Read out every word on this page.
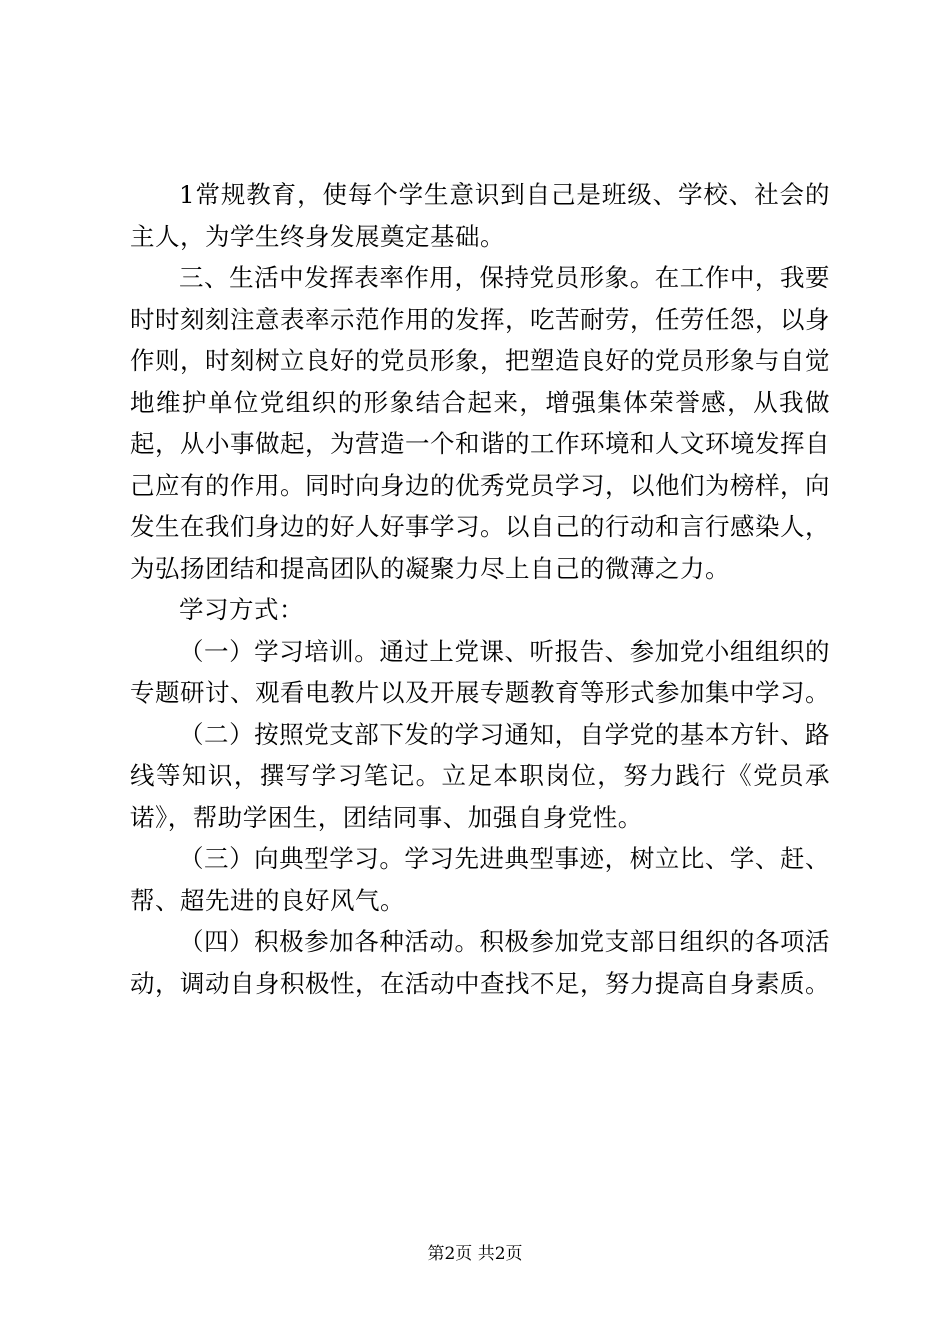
1常规教育，使每个学生意识到自己是班级、学校、社会的主人，为学生终身发展奠定基础。

三、生活中发挥表率作用，保持党员形象。在工作中，我要时时刻刻注意表率示范作用的发挥，吃苦耐劳，任劳任怨，以身作则，时刻树立良好的党员形象，把塑造良好的党员形象与自觉地维护单位党组织的形象结合起来，增强集体荣誉感，从我做起，从小事做起，为营造一个和谐的工作环境和人文环境发挥自己应有的作用。同时向身边的优秀党员学习，以他们为榜样，向发生在我们身边的好人好事学习。以自己的行动和言行感染人，为弘扬团结和提高团队的凝聚力尽上自己的微薄之力。

学习方式：

（一）学习培训。通过上党课、听报告、参加党小组组织的专题研讨、观看电教片以及开展专题教育等形式参加集中学习。

（二）按照党支部下发的学习通知，自学党的基本方针、路线等知识，撰写学习笔记。立足本职岗位，努力践行《党员承诺》，帮助学困生，团结同事、加强自身党性。

（三）向典型学习。学习先进典型事迹，树立比、学、赶、帮、超先进的良好风气。

（四）积极参加各种活动。积极参加党支部日组织的各项活动，调动自身积极性，在活动中查找不足，努力提高自身素质。

第2页 共2页
